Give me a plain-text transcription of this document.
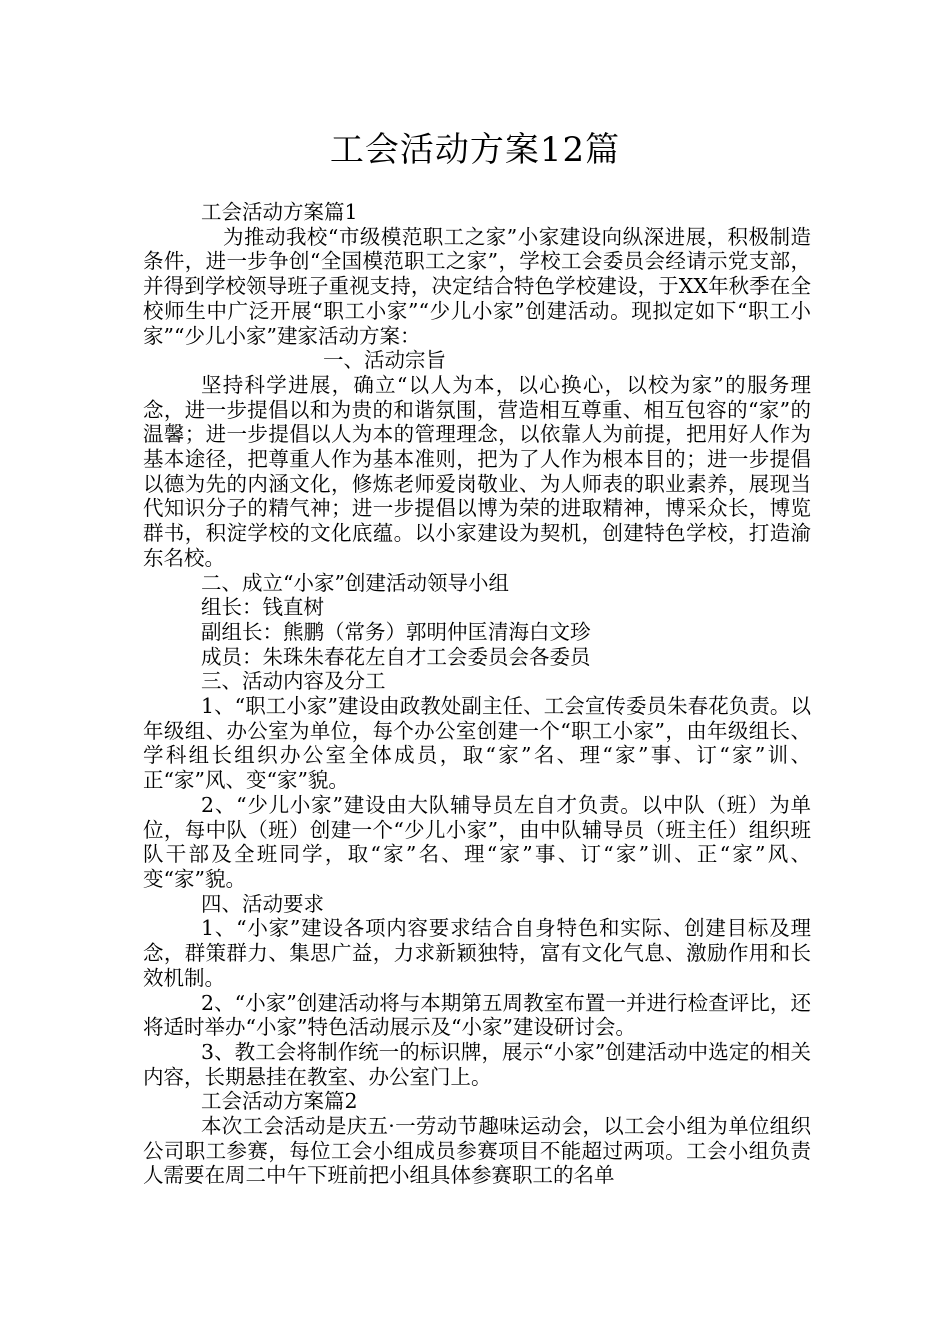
工会活动方案12篇

工会活动方案篇1

为推动我校“市级模范职工之家”小家建设向纵深进展，积极制造条件，进一步争创“全国模范职工之家”，学校工会委员会经请示党支部，并得到学校领导班子重视支持，决定结合特色学校建设，于XX年秋季在全校师生中广泛开展“职工小家”“少儿小家”创建活动。现拟定如下“职工小家”“少儿小家”建家活动方案：

一、活动宗旨

坚持科学进展，确立“以人为本，以心换心，以校为家”的服务理念，进一步提倡以和为贵的和谐氛围，营造相互尊重、相互包容的“家”的温馨；进一步提倡以人为本的管理理念，以依靠人为前提，把用好人作为基本途径，把尊重人作为基本准则，把为了人作为根本目的；进一步提倡以德为先的内涵文化，修炼老师爱岗敬业、为人师表的职业素养，展现当代知识分子的精气神；进一步提倡以博为荣的进取精神，博采众长，博览群书，积淀学校的文化底蕴。以小家建设为契机，创建特色学校，打造渝东名校。

二、成立“小家”创建活动领导小组

组长：钱直树

副组长：熊鹏（常务）郭明仲匡清海白文珍

成员：朱珠朱春花左自才工会委员会各委员

三、活动内容及分工

1、“职工小家”建设由政教处副主任、工会宣传委员朱春花负责。以年级组、办公室为单位，每个办公室创建一个“职工小家”，由年级组长、学科组长组织办公室全体成员，取“家”名、理“家”事、订“家”训、正“家”风、变“家”貌。

2、“少儿小家”建设由大队辅导员左自才负责。以中队（班）为单位，每中队（班）创建一个“少儿小家”，由中队辅导员（班主任）组织班队干部及全班同学，取“家”名、理“家”事、订“家”训、正“家”风、变“家”貌。

四、活动要求

1、“小家”建设各项内容要求结合自身特色和实际、创建目标及理念，群策群力、集思广益，力求新颖独特，富有文化气息、激励作用和长效机制。

2、“小家”创建活动将与本期第五周教室布置一并进行检查评比，还将适时举办“小家”特色活动展示及“小家”建设研讨会。

3、教工会将制作统一的标识牌，展示“小家”创建活动中选定的相关内容，长期悬挂在教室、办公室门上。

工会活动方案篇2

本次工会活动是庆五·一劳动节趣味运动会，以工会小组为单位组织公司职工参赛，每位工会小组成员参赛项目不能超过两项。工会小组负责人需要在周二中午下班前把小组具体参赛职工的名单
